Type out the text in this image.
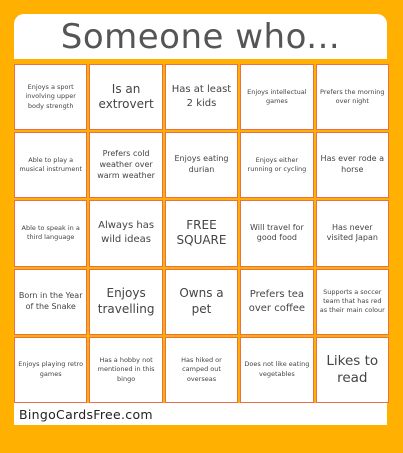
Someone who...
Enjoys a sport involving upper body strength
Is an extrovert
Has at least 2 kids
Enjoys intellectual games
Prefers the morning over night
Able to play a musical instrument
Prefers cold weather over warm weather
Enjoys eating durian
Enjoys either running or cycling
Has ever rode a horse
Able to speak in a third language
Always has wild ideas
FREE SQUARE
Will travel for good food
Has never visited Japan
Born in the Year of the Snake
Enjoys travelling
Owns a pet
Prefers tea over coffee
Supports a soccer team that has red as their main colour
Enjoys playing retro games
Has a hobby not mentioned in this bingo
Has hiked or camped out overseas
Does not like eating vegetables
Likes to read
BingoCardsFree.com
